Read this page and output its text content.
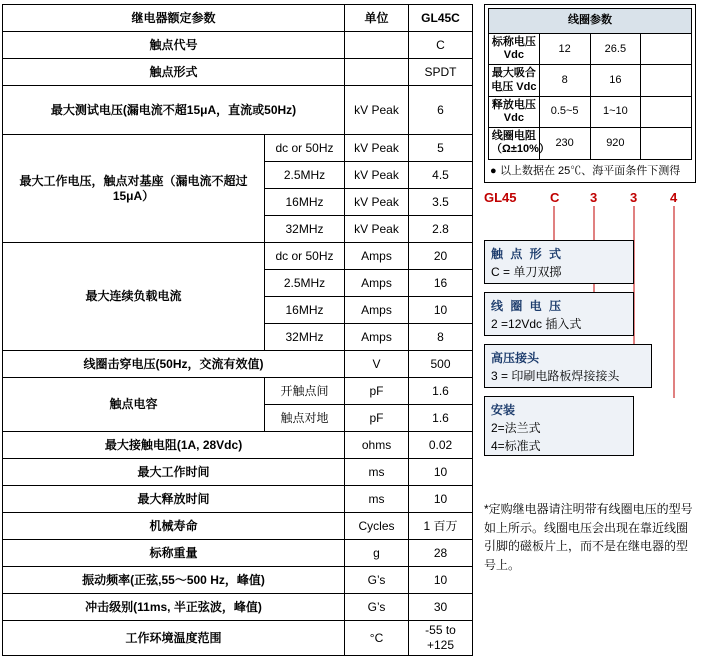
继电器额定参数		单位	GL45C
触点代号			C
触点形式			SPDT
最大测试电压(漏电流不超15μA，直流或50Hz)		kV Peak	6
最大工作电压，触点对基座（漏电流不超过15μA）	dc or 50Hz	kV Peak	5
	2.5MHz	kV Peak	4.5
	16MHz	kV Peak	3.5
	32MHz	kV Peak	2.8
最大连续负载电流	dc or 50Hz	Amps	20
	2.5MHz	Amps	16
	16MHz	Amps	10
	32MHz	Amps	8
线圈击穿电压(50Hz，交流有效值)		V	500
触点电容	开触点间	pF	1.6
	触点对地	pF	1.6
最大接触电阻(1A, 28Vdc)		ohms	0.02
最大工作时间		ms	10
最大释放时间		ms	10
机械寿命		Cycles	1 百万
标称重量		g	28
振动频率(正弦,55～500 Hz，峰值)		G’s	10
冲击级别(11ms, 半正弦波，峰值)		G’s	30
工作环境温度范围		°C	-55 to +125
线圈参数			
标称电压 Vdc	12	26.5	
最大吸合电压 Vdc	8	16	
释放电压 Vdc	0.5~5	1~10	
线圈电阻（Ω±10%）	230	920	
● 以上数据在 25℃、海平面条件下测得
GL45	C 3	3	4
触 点 形 式
C = 单刀双掷
线 圈 电 压
2 =12Vdc 插入式
高压接头
3 = 印刷电路板焊接接头
安装
2=法兰式
4=标准式
*定购继电器请注明带有线圈电压的型号如上所示。线圈电压会出现在靠近线圈引脚的磁板片上，而不是在继电器的型号上。
